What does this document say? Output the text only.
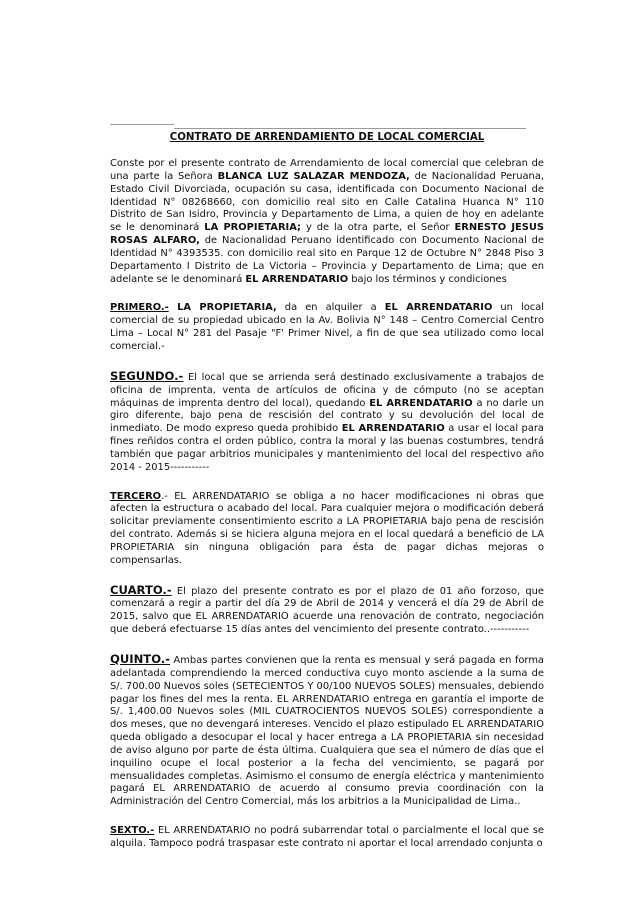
CONTRATO DE ARRENDAMIENTO DE LOCAL COMERCIAL

Conste por el presente contrato de Arrendamiento de local comercial que celebran de una parte la Señora BLANCA LUZ SALAZAR MENDOZA, de Nacionalidad Peruana, Estado Civil Divorciada, ocupación su casa, identificada con Documento Nacional de Identidad N° 08268660, con domicilio real sito en Calle Catalina Huanca N° 110 Distrito de San Isidro, Provincia y Departamento de Lima, a quien de hoy en adelante se le denominará LA PROPIETARIA; y de la otra parte, el Señor ERNESTO JESUS ROSAS ALFARO, de Nacionalidad Peruano identificado con Documento Nacional de Identidad N° 4393535. con domicilio real sito en Parque 12 de Octubre N° 2848 Piso 3 Departamento I Distrito de La Victoria – Provincia y Departamento de Lima; que en adelante se le denominará EL ARRENDATARIO bajo los términos y condiciones

PRIMERO.- LA PROPIETARIA, da en alquiler a EL ARRENDATARIO un local comercial de su propiedad ubicado en la Av. Bolivia N° 148 – Centro Comercial Centro Lima – Local N° 281 del Pasaje "F' Primer Nivel, a fin de que sea utilizado como local comercial.-

SEGUNDO.- El local que se arrienda será destinado exclusivamente a trabajos de oficina de imprenta, venta de artículos de oficina y de cómputo (no se aceptan máquinas de imprenta dentro del local), quedando EL ARRENDATARIO a no darle un giro diferente, bajo pena de rescisión del contrato y su devolución del local de inmediato. De modo expreso queda prohibido EL ARRENDATARIO a usar el local para fines reñidos contra el orden público, contra la moral y las buenas costumbres, tendrá también que pagar arbitrios municipales y mantenimiento del local del respectivo año 2014 - 2015-----------

TERCERO.- EL ARRENDATARIO se obliga a no hacer modificaciones ni obras que afecten la estructura o acabado del local. Para cualquier mejora o modificación deberá solicitar previamente consentimiento escrito a LA PROPIETARIA bajo pena de rescisión del contrato. Además si se hiciera alguna mejora en el local quedará a beneficio de LA PROPIETARIA sin ninguna obligación para ésta de pagar dichas mejoras o compensarlas.

CUARTO.- El plazo del presente contrato es por el plazo de 01 año forzoso, que comenzará a regir a partir del día 29 de Abril de 2014 y vencerá el día 29 de Abril de 2015, salvo que EL ARRENDATARIO acuerde una renovación de contrato, negociación que deberá efectuarse 15 días antes del vencimiento del presente contrato..-----------

QUINTO.- Ambas partes convienen que la renta es mensual y será pagada en forma adelantada comprendiendo la merced conductiva cuyo monto asciende a la suma de S/. 700.00 Nuevos soles (SETECIENTOS Y 00/100 NUEVOS SOLES) mensuales, debiendo pagar los fines del mes la renta. EL ARRENDATARIO entrega en garantía el importe de S/. 1,400.00 Nuevos soles (MIL CUATROCIENTOS NUEVOS SOLES) correspondiente a dos meses, que no devengará intereses. Vencido el plazo estipulado EL ARRENDATARIO queda obligado a desocupar el local y hacer entrega a LA PROPIETARIA sin necesidad de aviso alguno por parte de ésta última. Cualquiera que sea el número de días que el inquilino ocupe el local posterior a la fecha del vencimiento, se pagará por mensualidades completas. Asimismo el consumo de energía eléctrica y mantenimiento pagará EL ARRENDATARIO de acuerdo al consumo previa coordinación con la Administración del Centro Comercial, más los arbitrios a la Municipalidad de Lima..

SEXTO.- EL ARRENDATARIO no podrá subarrendar total o parcialmente el local que se alquila. Tampoco podrá traspasar este contrato ni aportar el local arrendado conjunta o
